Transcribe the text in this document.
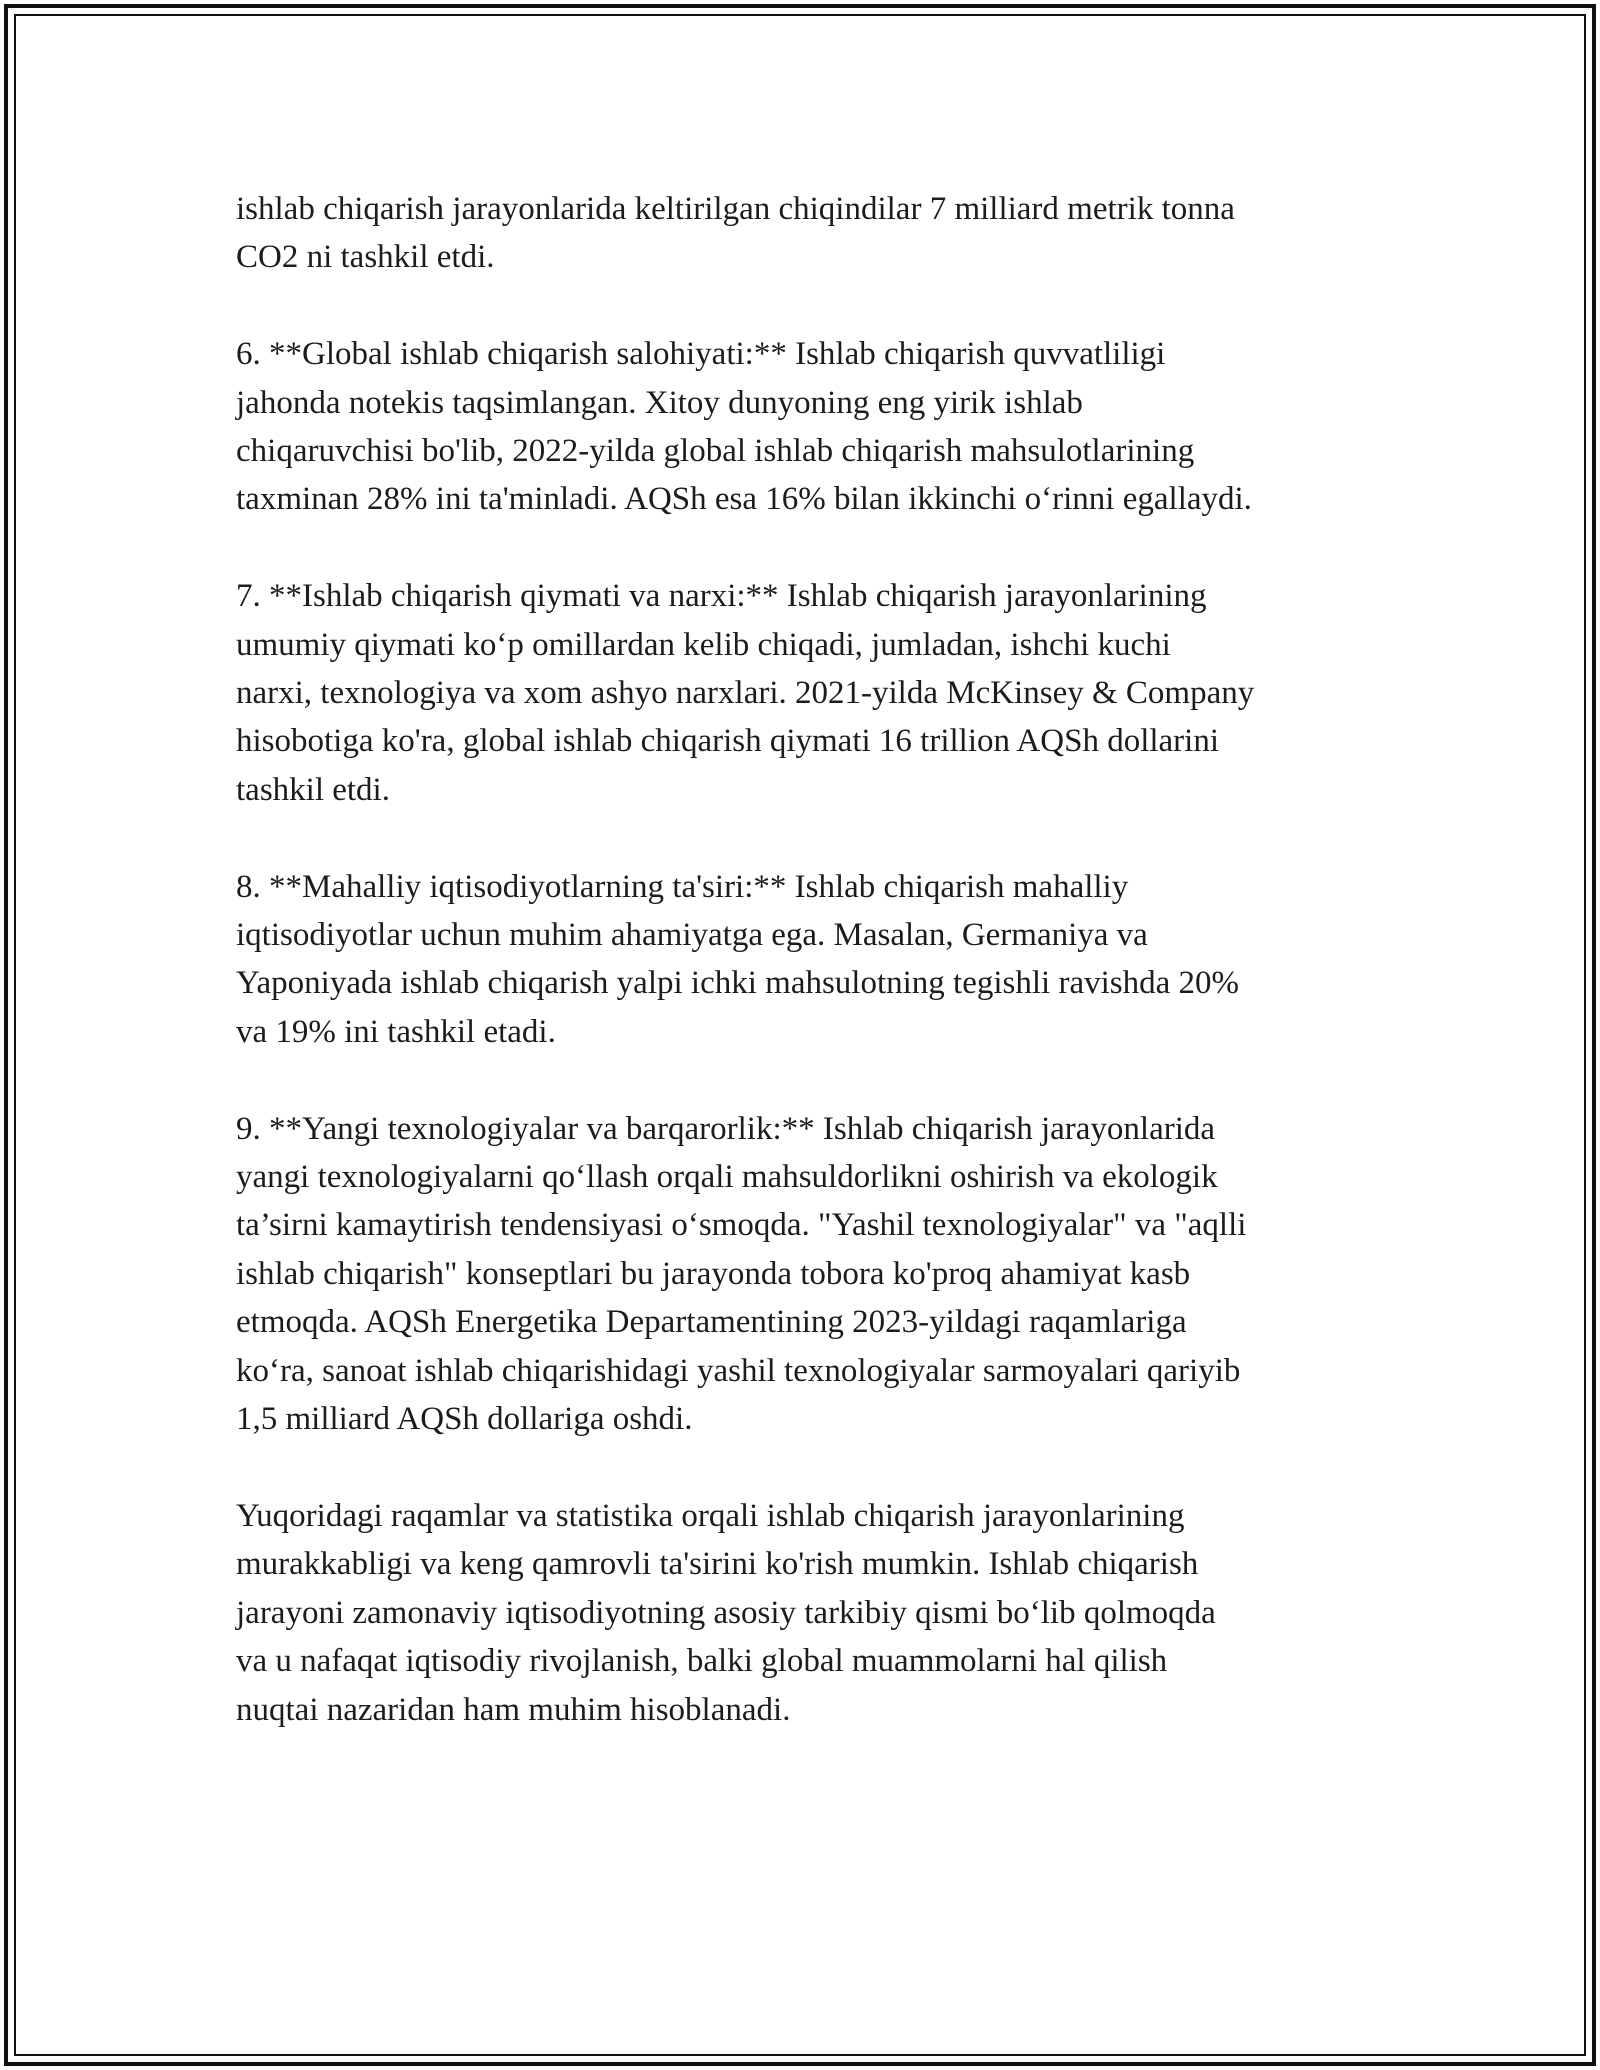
ishlab chiqarish jarayonlarida keltirilgan chiqindilar 7 milliard metrik tonna
CO2 ni tashkil etdi.

6. **Global ishlab chiqarish salohiyati:** Ishlab chiqarish quvvatliligi
jahonda notekis taqsimlangan. Xitoy dunyoning eng yirik ishlab
chiqaruvchisi bo'lib, 2022-yilda global ishlab chiqarish mahsulotlarining
taxminan 28% ini ta'minladi. AQSh esa 16% bilan ikkinchi o‘rinni egallaydi.

7. **Ishlab chiqarish qiymati va narxi:** Ishlab chiqarish jarayonlarining
umumiy qiymati ko‘p omillardan kelib chiqadi, jumladan, ishchi kuchi
narxi, texnologiya va xom ashyo narxlari. 2021-yilda McKinsey & Company
hisobotiga ko'ra, global ishlab chiqarish qiymati 16 trillion AQSh dollarini
tashkil etdi.

8. **Mahalliy iqtisodiyotlarning ta'siri:** Ishlab chiqarish mahalliy
iqtisodiyotlar uchun muhim ahamiyatga ega. Masalan, Germaniya va
Yaponiyada ishlab chiqarish yalpi ichki mahsulotning tegishli ravishda 20%
va 19% ini tashkil etadi.

9. **Yangi texnologiyalar va barqarorlik:** Ishlab chiqarish jarayonlarida
yangi texnologiyalarni qo‘llash orqali mahsuldorlikni oshirish va ekologik
ta’sirni kamaytirish tendensiyasi o‘smoqda. "Yashil texnologiyalar" va "aqlli
ishlab chiqarish" konseptlari bu jarayonda tobora ko'proq ahamiyat kasb
etmoqda. AQSh Energetika Departamentining 2023-yildagi raqamlariga
ko‘ra, sanoat ishlab chiqarishidagi yashil texnologiyalar sarmoyalari qariyib
1,5 milliard AQSh dollariga oshdi.

Yuqoridagi raqamlar va statistika orqali ishlab chiqarish jarayonlarining
murakkabligi va keng qamrovli ta'sirini ko'rish mumkin. Ishlab chiqarish
jarayoni zamonaviy iqtisodiyotning asosiy tarkibiy qismi bo‘lib qolmoqda
va u nafaqat iqtisodiy rivojlanish, balki global muammolarni hal qilish
nuqtai nazaridan ham muhim hisoblanadi.
